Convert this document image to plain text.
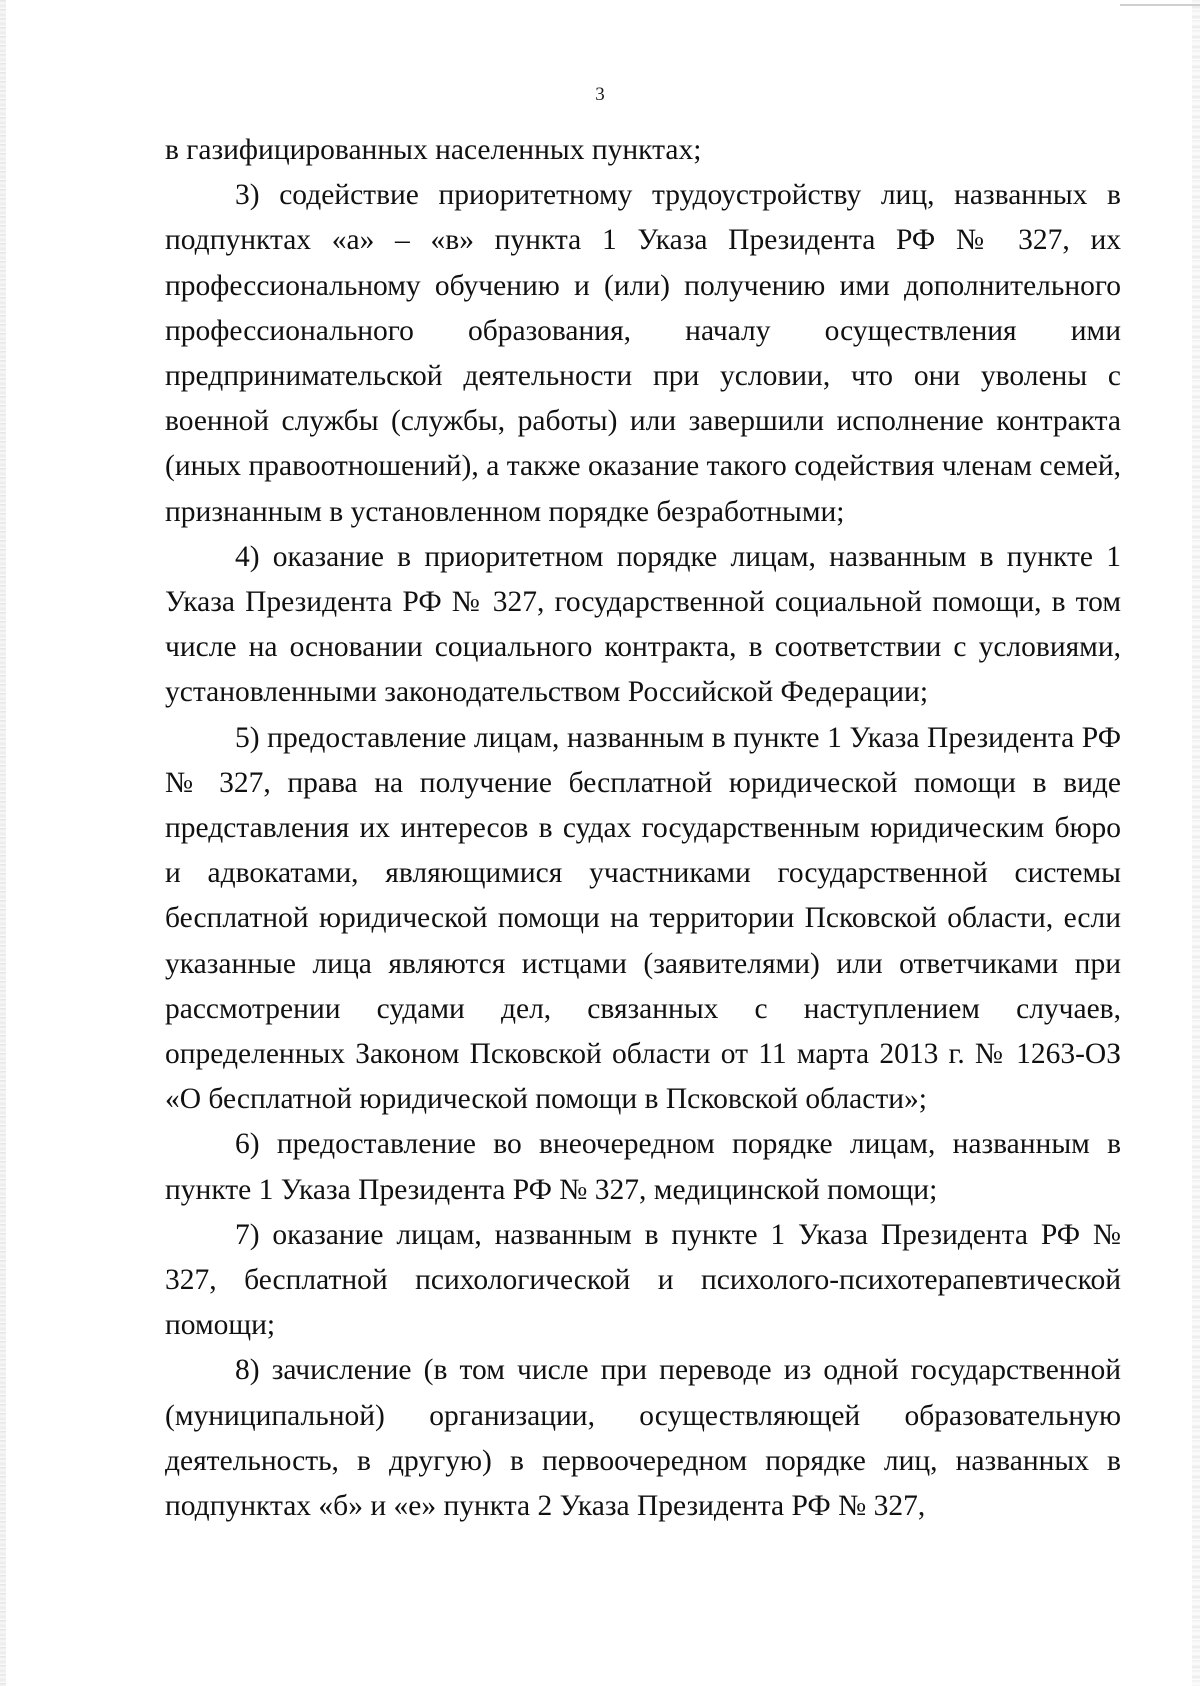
3

в газифицированных населенных пунктах;

3) содействие приоритетному трудоустройству лиц, названных в подпунктах «а» – «в» пункта 1 Указа Президента РФ № 327, их профессиональному обучению и (или) получению ими дополнительного профессионального образования, началу осуществления ими предпринимательской деятельности при условии, что они уволены с военной службы (службы, работы) или завершили исполнение контракта (иных правоотношений), а также оказание такого содействия членам семей, признанным в установленном порядке безработными;

4) оказание в приоритетном порядке лицам, названным в пункте 1 Указа Президента РФ № 327, государственной социальной помощи, в том числе на основании социального контракта, в соответствии с условиями, установленными законодательством Российской Федерации;

5) предоставление лицам, названным в пункте 1 Указа Президента РФ № 327, права на получение бесплатной юридической помощи в виде представления их интересов в судах государственным юридическим бюро и адвокатами, являющимися участниками государственной системы бесплатной юридической помощи на территории Псковской области, если указанные лица являются истцами (заявителями) или ответчиками при рассмотрении судами дел, связанных с наступлением случаев, определенных Законом Псковской области от 11 марта 2013 г. № 1263-ОЗ «О бесплатной юридической помощи в Псковской области»;

6) предоставление во внеочередном порядке лицам, названным в пункте 1 Указа Президента РФ № 327, медицинской помощи;

7) оказание лицам, названным в пункте 1 Указа Президента РФ № 327, бесплатной психологической и психолого-психотерапевтической помощи;

8) зачисление (в том числе при переводе из одной государственной (муниципальной) организации, осуществляющей образовательную деятельность, в другую) в первоочередном порядке лиц, названных в подпунктах «б» и «е» пункта 2 Указа Президента РФ № 327,
